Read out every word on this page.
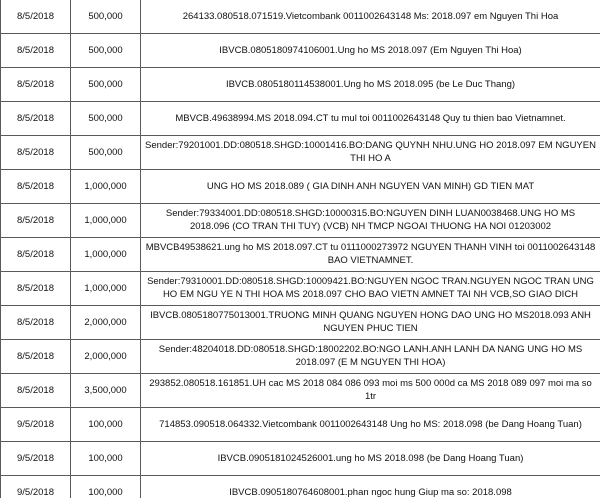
8/5/2018	500,000	264133.080518.071519.Vietcombank 0011002643148 Ms: 2018.097 em Nguyen Thi Hoa
8/5/2018	500,000	IBVCB.0805180974106001.Ung ho MS 2018.097 (Em Nguyen Thi Hoa)
8/5/2018	500,000	IBVCB.0805180114538001.Ung ho MS 2018.095 (be Le Duc Thang)
8/5/2018	500,000	MBVCB.49638994.MS 2018.094.CT tu mul toi 0011002643148 Quy tu thien bao Vietnamnet.
8/5/2018	500,000	Sender:79201001.DD:080518.SHGD:10001416.BO:DANG QUYNH NHU.UNG HO 2018.097 EM NGUYEN THI HO A
8/5/2018	1,000,000	UNG HO MS 2018.089 ( GIA DINH ANH NGUYEN VAN MINH) GD TIEN MAT
8/5/2018	1,000,000	Sender:79334001.DD:080518.SHGD:10000315.BO:NGUYEN DINH LUAN0038468.UNG HO MS 2018.096 (CO TRAN THI TUY) (VCB) NH TMCP NGOAI THUONG HA NOI 01203002
8/5/2018	1,000,000	MBVCB49538621.ung ho MS 2018.097.CT tu 0111000273972 NGUYEN THANH VINH toi 0011002643148 BAO VIETNAMNET.
8/5/2018	1,000,000	Sender:79310001.DD:080518.SHGD:10009421.BO:NGUYEN NGOC TRAN.NGUYEN NGOC TRAN UNG HO EM NGU YE N THI HOA MS 2018.097 CHO BAO VIETN AMNET TAI NH VCB,SO GIAO DICH
8/5/2018	2,000,000	IBVCB.0805180775013001.TRUONG MINH QUANG NGUYEN HONG DAO UNG HO MS2018.093 ANH NGUYEN PHUC TIEN
8/5/2018	2,000,000	Sender:48204018.DD:080518.SHGD:18002202.BO:NGO LANH.ANH LANH DA NANG UNG HO MS 2018.097 (E M NGUYEN THI HOA)
8/5/2018	3,500,000	293852.080518.161851.UH cac MS 2018 084 086 093 moi ms 500 000d ca MS 2018 089 097 moi ma so 1tr
9/5/2018	100,000	714853.090518.064332.Vietcombank 0011002643148 Ung ho MS: 2018.098 (be Dang Hoang Tuan)
9/5/2018	100,000	IBVCB.0905181024526001.ung ho MS 2018.098 (be Dang Hoang Tuan)
9/5/2018	100,000	IBVCB.0905180764608001.phan ngoc hung Giup ma so: 2018.098
